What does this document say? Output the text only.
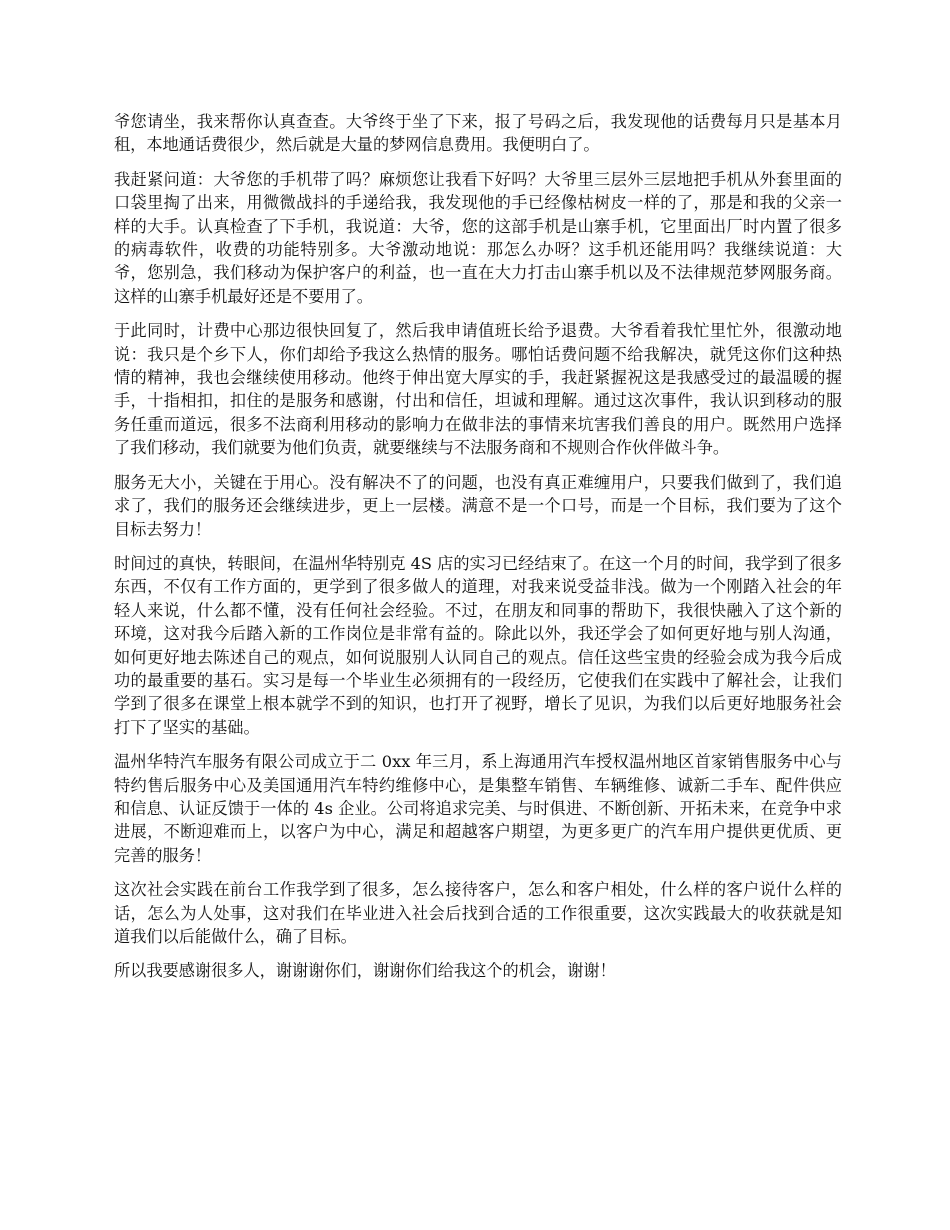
爷您请坐，我来帮你认真查查。大爷终于坐了下来，报了号码之后，我发现他的话费每月只是基本月租，本地通话费很少，然后就是大量的梦网信息费用。我便明白了。

我赶紧问道：大爷您的手机带了吗？麻烦您让我看下好吗？大爷里三层外三层地把手机从外套里面的口袋里掏了出来，用微微战抖的手递给我，我发现他的手已经像枯树皮一样的了，那是和我的父亲一样的大手。认真检查了下手机，我说道：大爷，您的这部手机是山寨手机，它里面出厂时内置了很多的病毒软件，收费的功能特别多。大爷激动地说：那怎么办呀？这手机还能用吗？我继续说道：大爷，您别急，我们移动为保护客户的利益，也一直在大力打击山寨手机以及不法律规范梦网服务商。这样的山寨手机最好还是不要用了。

于此同时，计费中心那边很快回复了，然后我申请值班长给予退费。大爷看着我忙里忙外，很激动地说：我只是个乡下人，你们却给予我这么热情的服务。哪怕话费问题不给我解决，就凭这你们这种热情的精神，我也会继续使用移动。他终于伸出宽大厚实的手，我赶紧握祝这是我感受过的最温暖的握手，十指相扣，扣住的是服务和感谢，付出和信任，坦诚和理解。通过这次事件，我认识到移动的服务任重而道远，很多不法商利用移动的影响力在做非法的事情来坑害我们善良的用户。既然用户选择了我们移动，我们就要为他们负责，就要继续与不法服务商和不规则合作伙伴做斗争。

服务无大小，关键在于用心。没有解决不了的问题，也没有真正难缠用户，只要我们做到了，我们追求了，我们的服务还会继续进步，更上一层楼。满意不是一个口号，而是一个目标，我们要为了这个目标去努力！

时间过的真快，转眼间，在温州华特别克 4S 店的实习已经结束了。在这一个月的时间，我学到了很多东西，不仅有工作方面的，更学到了很多做人的道理，对我来说受益非浅。做为一个刚踏入社会的年轻人来说，什么都不懂，没有任何社会经验。不过，在朋友和同事的帮助下，我很快融入了这个新的环境，这对我今后踏入新的工作岗位是非常有益的。除此以外，我还学会了如何更好地与别人沟通，如何更好地去陈述自己的观点，如何说服别人认同自己的观点。信任这些宝贵的经验会成为我今后成功的最重要的基石。实习是每一个毕业生必须拥有的一段经历，它使我们在实践中了解社会，让我们学到了很多在课堂上根本就学不到的知识，也打开了视野，增长了见识，为我们以后更好地服务社会打下了坚实的基础。

温州华特汽车服务有限公司成立于二 0xx 年三月，系上海通用汽车授权温州地区首家销售服务中心与特约售后服务中心及美国通用汽车特约维修中心，是集整车销售、车辆维修、诚新二手车、配件供应和信息、认证反馈于一体的 4s 企业。公司将追求完美、与时俱进、不断创新、开拓未来，在竞争中求进展，不断迎难而上，以客户为中心，满足和超越客户期望，为更多更广的汽车用户提供更优质、更完善的服务！

这次社会实践在前台工作我学到了很多，怎么接待客户，怎么和客户相处，什么样的客户说什么样的话，怎么为人处事，这对我们在毕业进入社会后找到合适的工作很重要，这次实践最大的收获就是知道我们以后能做什么，确了目标。

所以我要感谢很多人，谢谢谢你们，谢谢你们给我这个的机会，谢谢！
